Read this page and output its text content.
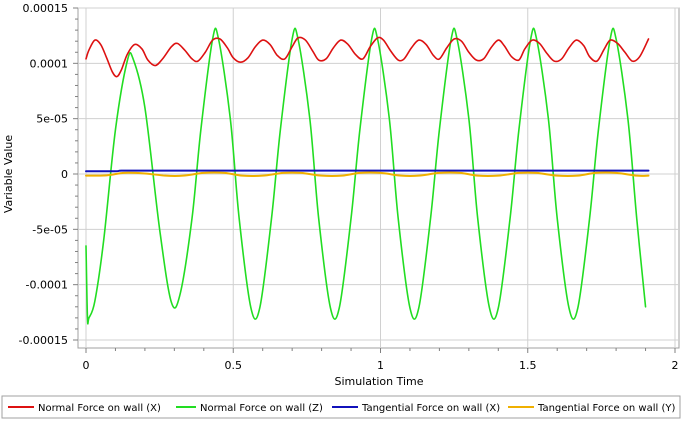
0	0.5	1	1.5	2
0.00015
0.0001
5e-05
0
-5e-05
-0.0001
-0.00015
Simulation Time
Variable Value
Normal Force on wall (X)	Normal Force on wall (Z)	Tangential Force on wall (X)	Tangential Force on wall (Y)
